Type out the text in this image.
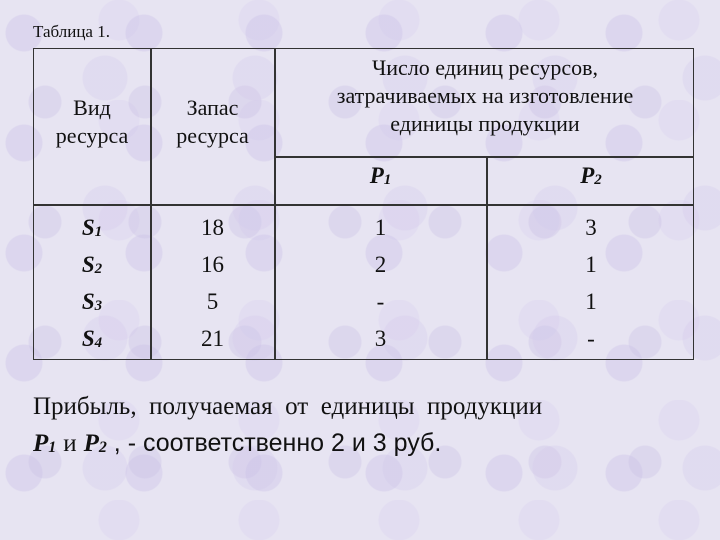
Таблица 1.
Вид
ресурса
Запас
ресурса
Число единиц ресурсов,
затрачиваемых на изготовление
единицы продукции
$P_1$	$P_2$
$S_1$
$S_2$
$S_3$
$S_4$
18
16
5
21
1
2
-
3
3
1
1
-
Прибыль,  получаемая  от  единицы  продукции
$P_1$ и $P_2$ , - соответственно 2 и 3 руб.
